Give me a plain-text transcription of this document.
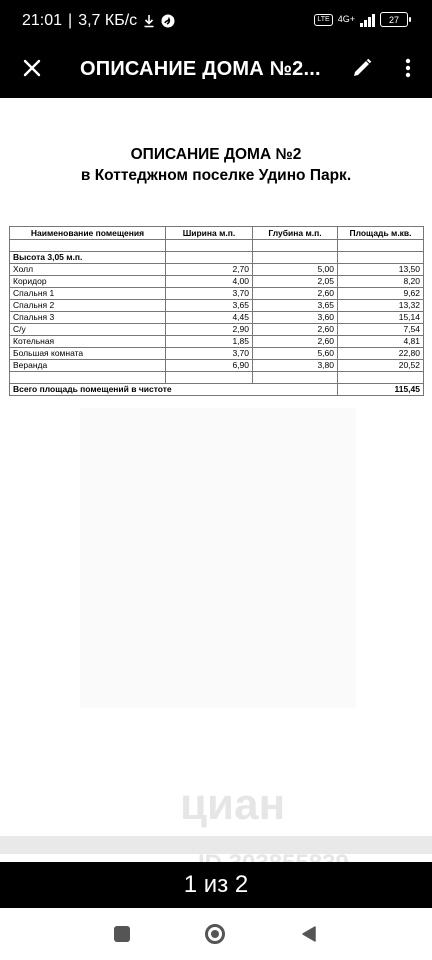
21:01 | 3,7 КБ/с	LTE 4G+	27
ОПИСАНИЕ ДОМА №2...
ОПИСАНИЕ ДОМА №2
в Коттеджном поселке Удино Парк.
Наименование помещения	Ширина м.п.	Глубина м.п.	Площадь м.кв.

Высота 3,05 м.п.			
Холл	2,70	5,00	13,50
Коридор	4,00	2,05	8,20
Спальня 1	3,70	2,60	9,62
Спальня 2	3,65	3,65	13,32
Спальня 3	4,45	3,60	15,14
С/у	2,90	2,60	7,54
Котельная	1,85	2,60	4,81
Большая комната	3,70	5,60	22,80
Веранда	6,90	3,80	20,52

Всего площадь помещений в чистоте			115,45
циан
1 из 2
